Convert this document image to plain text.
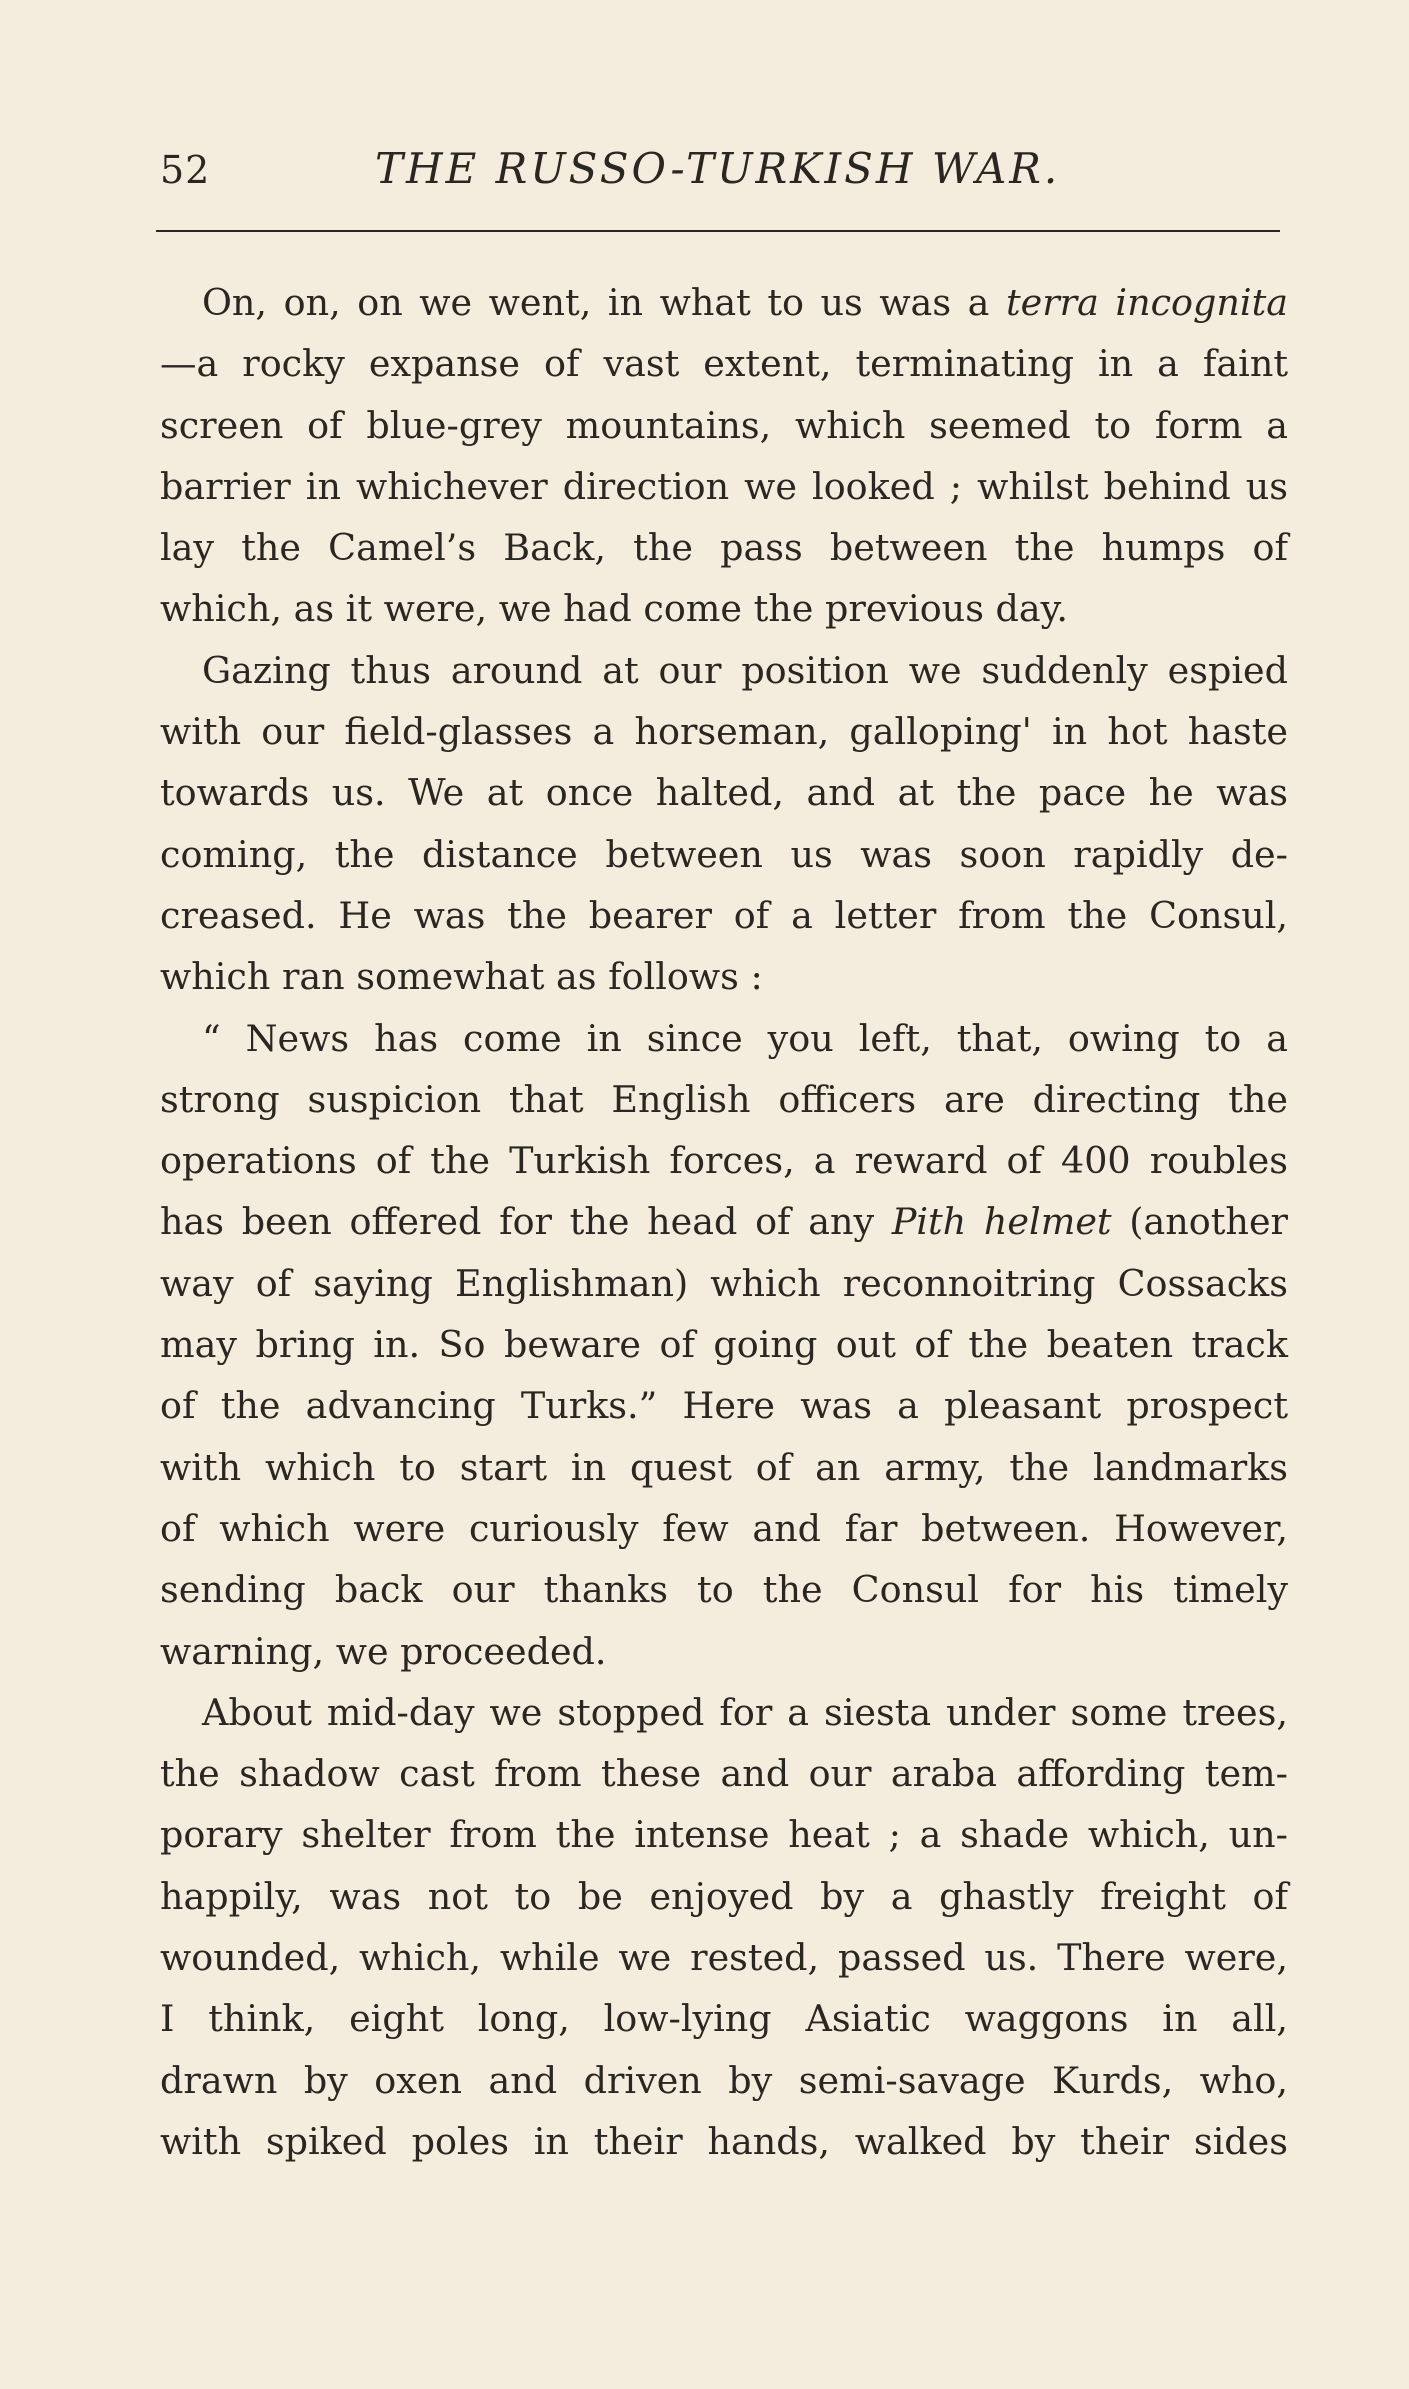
52	THE RUSSO-TURKISH WAR.
On, on, on we went, in what to us was a terra incognita
—a rocky expanse of vast extent, terminating in a faint
screen of blue-grey mountains, which seemed to form a
barrier in whichever direction we looked ; whilst behind us
lay the Camel’s Back, the pass between the humps of
which, as it were, we had come the previous day.
Gazing thus around at our position we suddenly espied
with our field-glasses a horseman, galloping' in hot haste
towards us. We at once halted, and at the pace he was
coming, the distance between us was soon rapidly de-
creased. He was the bearer of a letter from the Consul,
which ran somewhat as follows :
“ News has come in since you left, that, owing to a
strong suspicion that English officers are directing the
operations of the Turkish forces, a reward of 400 roubles
has been offered for the head of any Pith helmet (another
way of saying Englishman) which reconnoitring Cossacks
may bring in. So beware of going out of the beaten track
of the advancing Turks.” Here was a pleasant prospect
with which to start in quest of an army, the landmarks
of which were curiously few and far between. However,
sending back our thanks to the Consul for his timely
warning, we proceeded.
About mid-day we stopped for a siesta under some trees,
the shadow cast from these and our araba affording tem-
porary shelter from the intense heat ; a shade which, un-
happily, was not to be enjoyed by a ghastly freight of
wounded, which, while we rested, passed us. There were,
I think, eight long, low-lying Asiatic waggons in all,
drawn by oxen and driven by semi-savage Kurds, who,
with spiked poles in their hands, walked by their sides
